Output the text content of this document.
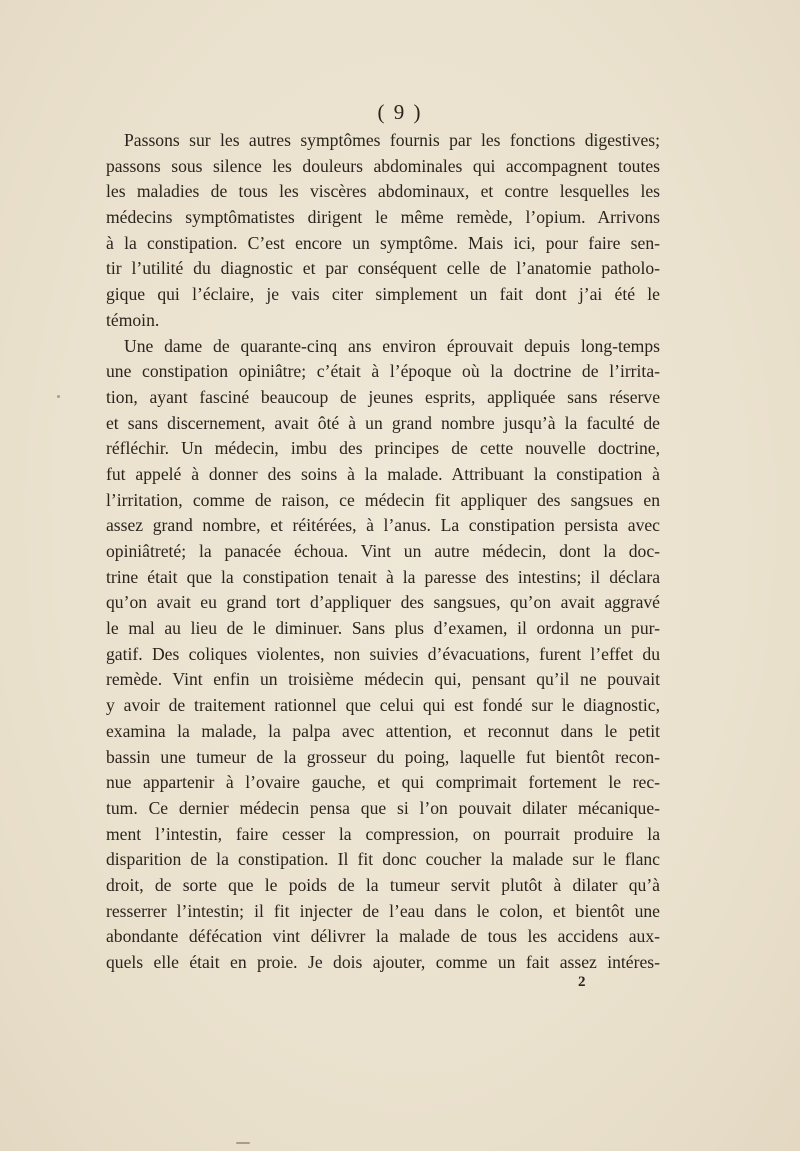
( 9 )
Passons sur les autres symptômes fournis par les fonctions digestives;
passons sous silence les douleurs abdominales qui accompagnent toutes
les maladies de tous les viscères abdominaux, et contre lesquelles les
médecins symptômatistes dirigent le même remède, l’opium. Arrivons
à la constipation. C’est encore un symptôme. Mais ici, pour faire sen-
tir l’utilité du diagnostic et par conséquent celle de l’anatomie patholo-
gique qui l’éclaire, je vais citer simplement un fait dont j’ai été le
témoin.
Une dame de quarante-cinq ans environ éprouvait depuis long-temps
une constipation opiniâtre; c’était à l’époque où la doctrine de l’irrita-
tion, ayant fasciné beaucoup de jeunes esprits, appliquée sans réserve
et sans discernement, avait ôté à un grand nombre jusqu’à la faculté de
réfléchir. Un médecin, imbu des principes de cette nouvelle doctrine,
fut appelé à donner des soins à la malade. Attribuant la constipation à
l’irritation, comme de raison, ce médecin fit appliquer des sangsues en
assez grand nombre, et réitérées, à l’anus. La constipation persista avec
opiniâtreté; la panacée échoua. Vint un autre médecin, dont la doc-
trine était que la constipation tenait à la paresse des intestins; il déclara
qu’on avait eu grand tort d’appliquer des sangsues, qu’on avait aggravé
le mal au lieu de le diminuer. Sans plus d’examen, il ordonna un pur-
gatif. Des coliques violentes, non suivies d’évacuations, furent l’effet du
remède. Vint enfin un troisième médecin qui, pensant qu’il ne pouvait
y avoir de traitement rationnel que celui qui est fondé sur le diagnostic,
examina la malade, la palpa avec attention, et reconnut dans le petit
bassin une tumeur de la grosseur du poing, laquelle fut bientôt recon-
nue appartenir à l’ovaire gauche, et qui comprimait fortement le rec-
tum. Ce dernier médecin pensa que si l’on pouvait dilater mécanique-
ment l’intestin, faire cesser la compression, on pourrait produire la
disparition de la constipation. Il fit donc coucher la malade sur le flanc
droit, de sorte que le poids de la tumeur servit plutôt à dilater qu’à
resserrer l’intestin; il fit injecter de l’eau dans le colon, et bientôt une
abondante défécation vint délivrer la malade de tous les accidens aux-
quels elle était en proie. Je dois ajouter, comme un fait assez intéres-
2
